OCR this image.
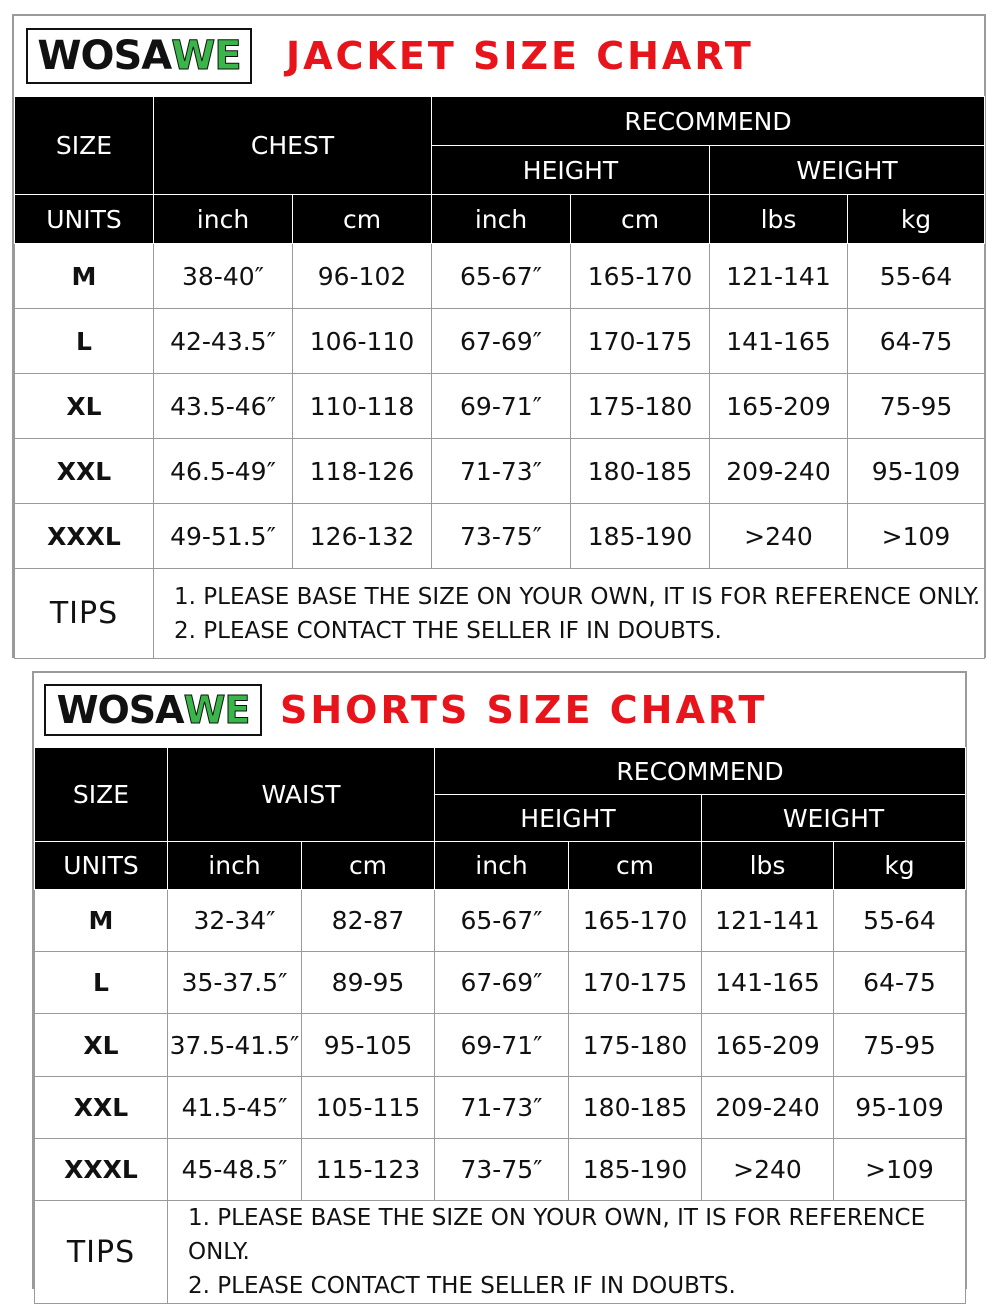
WOSA WE JACKET SIZE CHART
SIZE	CHEST		RECOMMEND			
			HEIGHT		WEIGHT	
UNITS	inch	cm	inch	cm	lbs	kg
M	38-40″	96-102	65-67″	165-170	121-141	55-64
L	42-43.5″	106-110	67-69″	170-175	141-165	64-75
XL	43.5-46″	110-118	69-71″	175-180	165-209	75-95
XXL	46.5-49″	118-126	71-73″	180-185	209-240	95-109
XXXL	49-51.5″	126-132	73-75″	185-190	>240	>109
TIPS	1. PLEASE BASE THE SIZE ON YOUR OWN, IT IS FOR REFERENCE ONLY.
2. PLEASE CONTACT THE SELLER IF IN DOUBTS.					
WOSA WE SHORTS SIZE CHART
SIZE	WAIST		RECOMMEND			
			HEIGHT		WEIGHT	
UNITS	inch	cm	inch	cm	lbs	kg
M	32-34″	82-87	65-67″	165-170	121-141	55-64
L	35-37.5″	89-95	67-69″	170-175	141-165	64-75
XL	37.5-41.5″	95-105	69-71″	175-180	165-209	75-95
XXL	41.5-45″	105-115	71-73″	180-185	209-240	95-109
XXXL	45-48.5″	115-123	73-75″	185-190	>240	>109
TIPS	1. PLEASE BASE THE SIZE ON YOUR OWN, IT IS FOR REFERENCE ONLY.
2. PLEASE CONTACT THE SELLER IF IN DOUBTS.					
